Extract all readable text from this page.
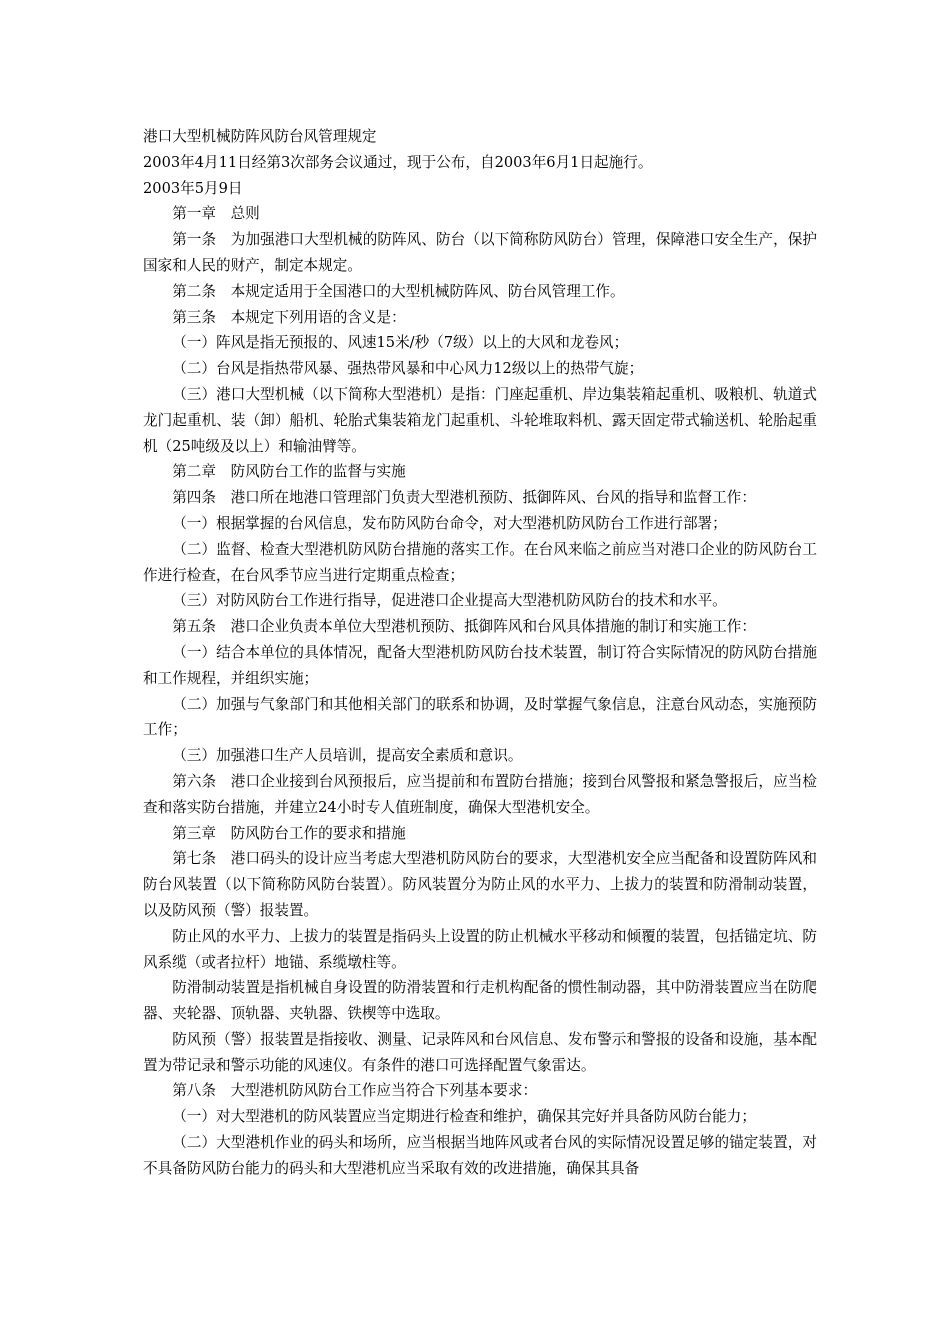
港口大型机械防阵风防台风管理规定

2003年4月11日经第3次部务会议通过，现于公布，自2003年6月1日起施行。

2003年5月9日

第一章　总则

第一条　为加强港口大型机械的防阵风、防台（以下简称防风防台）管理，保障港口安全生产，保护国家和人民的财产，制定本规定。

第二条　本规定适用于全国港口的大型机械防阵风、防台风管理工作。

第三条　本规定下列用语的含义是：

（一）阵风是指无预报的、风速15米/秒（7级）以上的大风和龙卷风；

（二）台风是指热带风暴、强热带风暴和中心风力12级以上的热带气旋；

（三）港口大型机械（以下简称大型港机）是指：门座起重机、岸边集装箱起重机、吸粮机、轨道式龙门起重机、装（卸）船机、轮胎式集装箱龙门起重机、斗轮堆取料机、露天固定带式输送机、轮胎起重机（25吨级及以上）和输油臂等。

第二章　防风防台工作的监督与实施

第四条　港口所在地港口管理部门负责大型港机预防、抵御阵风、台风的指导和监督工作：

（一）根据掌握的台风信息，发布防风防台命令，对大型港机防风防台工作进行部署；

（二）监督、检查大型港机防风防台措施的落实工作。在台风来临之前应当对港口企业的防风防台工作进行检查，在台风季节应当进行定期重点检查；

（三）对防风防台工作进行指导，促进港口企业提高大型港机防风防台的技术和水平。

第五条　港口企业负责本单位大型港机预防、抵御阵风和台风具体措施的制订和实施工作：

（一）结合本单位的具体情况，配备大型港机防风防台技术装置，制订符合实际情况的防风防台措施和工作规程，并组织实施；

（二）加强与气象部门和其他相关部门的联系和协调，及时掌握气象信息，注意台风动态，实施预防工作；

（三）加强港口生产人员培训，提高安全素质和意识。

第六条　港口企业接到台风预报后，应当提前和布置防台措施；接到台风警报和紧急警报后，应当检查和落实防台措施，并建立24小时专人值班制度，确保大型港机安全。

第三章　防风防台工作的要求和措施

第七条　港口码头的设计应当考虑大型港机防风防台的要求，大型港机安全应当配备和设置防阵风和防台风装置（以下简称防风防台装置）。防风装置分为防止风的水平力、上拔力的装置和防滑制动装置，以及防风预（警）报装置。

防止风的水平力、上拔力的装置是指码头上设置的防止机械水平移动和倾覆的装置，包括锚定坑、防风系缆（或者拉杆）地锚、系缆墩柱等。

防滑制动装置是指机械自身设置的防滑装置和行走机构配备的惯性制动器，其中防滑装置应当在防爬器、夹轮器、顶轨器、夹轨器、铁楔等中选取。

防风预（警）报装置是指接收、测量、记录阵风和台风信息、发布警示和警报的设备和设施，基本配置为带记录和警示功能的风速仪。有条件的港口可选择配置气象雷达。

第八条　大型港机防风防台工作应当符合下列基本要求：

（一）对大型港机的防风装置应当定期进行检查和维护，确保其完好并具备防风防台能力；

（二）大型港机作业的码头和场所，应当根据当地阵风或者台风的实际情况设置足够的锚定装置，对不具备防风防台能力的码头和大型港机应当采取有效的改进措施，确保其具备
